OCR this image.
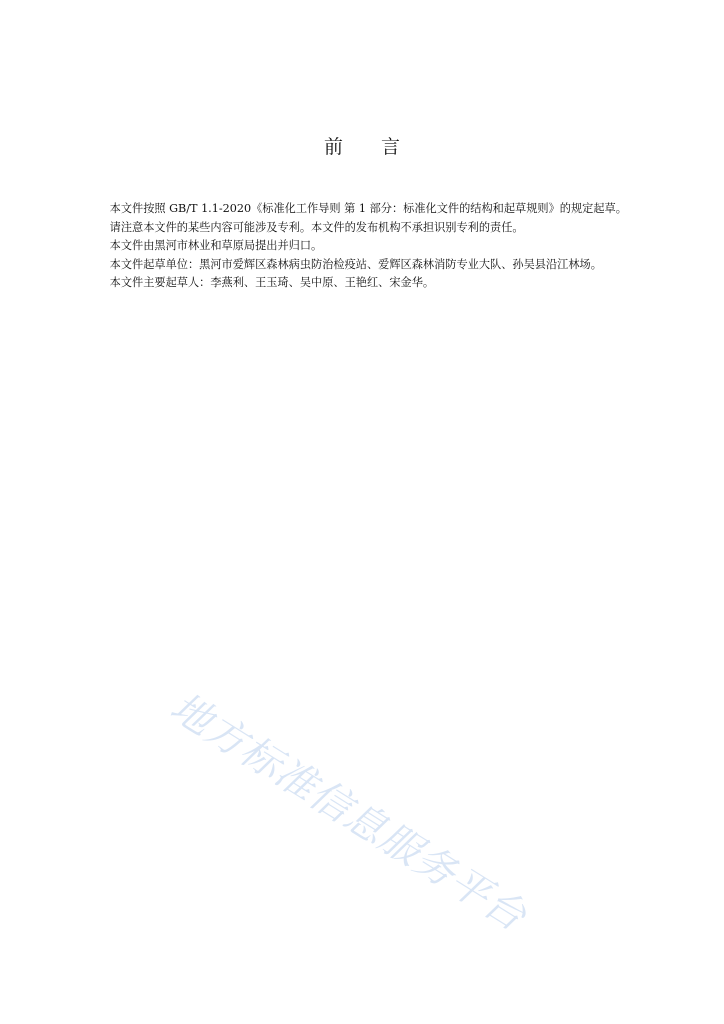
前 言

本文件按照 GB/T 1.1-2020《标准化工作导则 第 1 部分：标准化文件的结构和起草规则》的规定起草。

请注意本文件的某些内容可能涉及专利。本文件的发布机构不承担识别专利的责任。

本文件由黑河市林业和草原局提出并归口。

本文件起草单位：黑河市爱辉区森林病虫防治检疫站、爱辉区森林消防专业大队、孙吴县沿江林场。

本文件主要起草人：李燕利、王玉琦、吴中原、王艳红、宋金华。

地方标准信息服务平台
